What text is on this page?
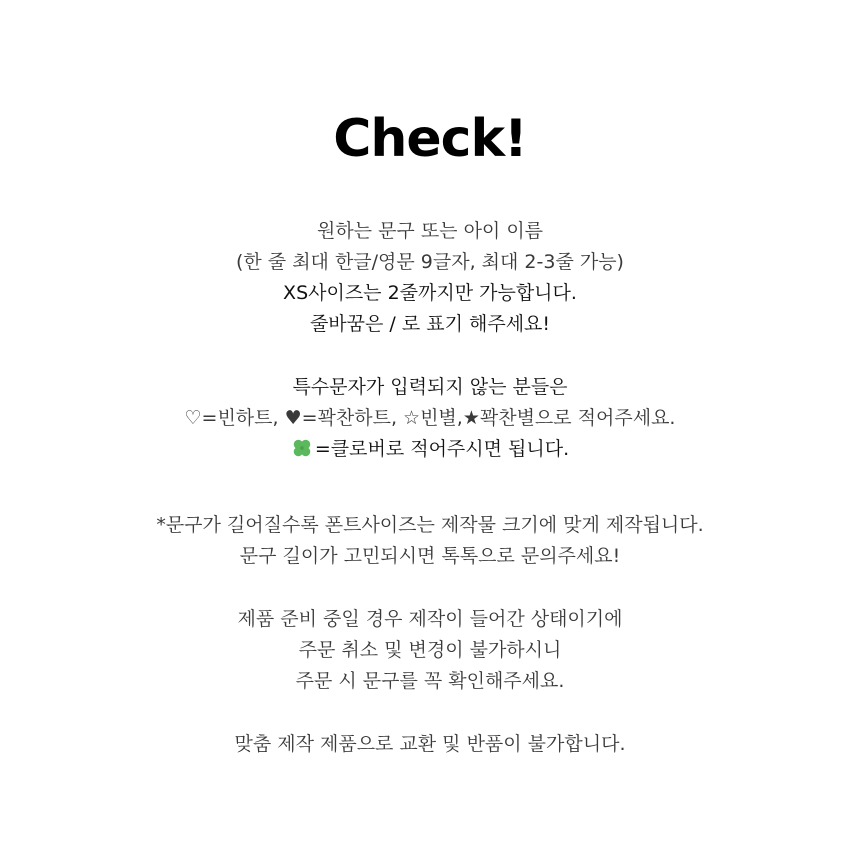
Check!
원하는 문구 또는 아이 이름
(한 줄 최대 한글/영문 9글자, 최대 2-3줄 가능)
XS사이즈는 2줄까지만 가능합니다.
줄바꿈은 / 로 표기 해주세요!
특수문자가 입력되지 않는 분들은
♡=빈하트, ♥=꽉찬하트, ☆빈별,★꽉찬별으로 적어주세요.
=클로버로 적어주시면 됩니다.
*문구가 길어질수록 폰트사이즈는 제작물 크기에 맞게 제작됩니다.
문구 길이가 고민되시면 톡톡으로 문의주세요!
제품 준비 중일 경우 제작이 들어간 상태이기에
주문 취소 및 변경이 불가하시니
주문 시 문구를 꼭 확인해주세요.
맞춤 제작 제품으로 교환 및 반품이 불가합니다.
